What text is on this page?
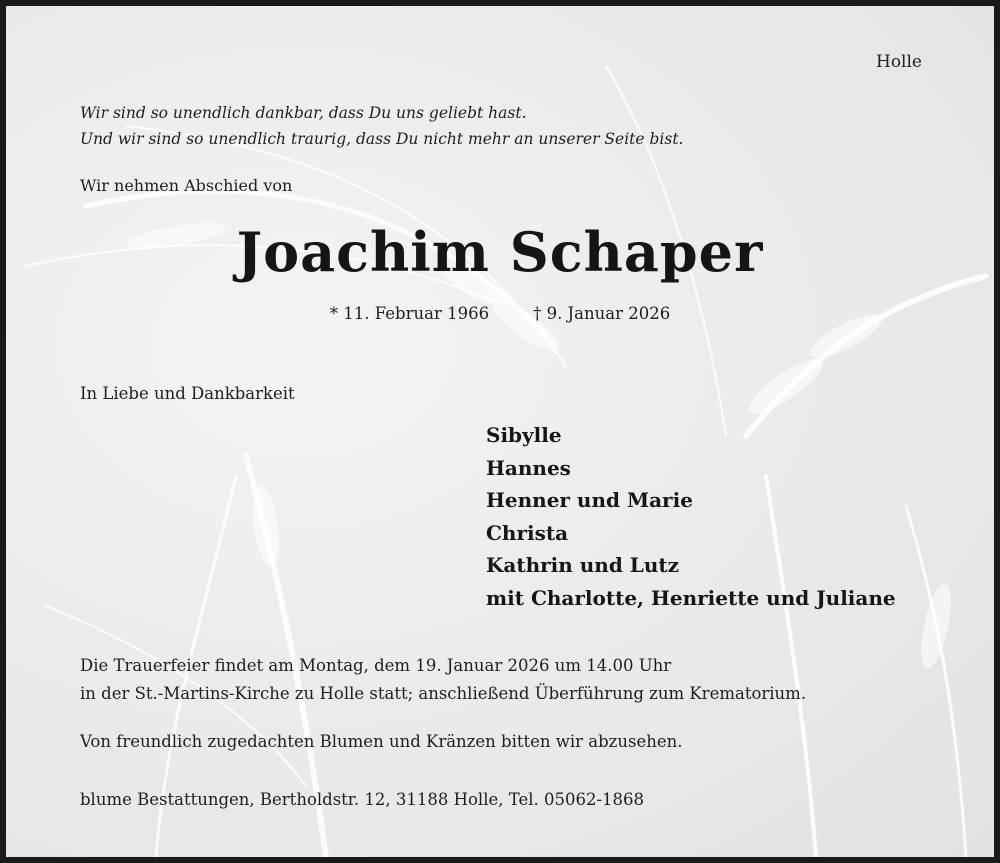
Holle

Wir sind so unendlich dankbar, dass Du uns geliebt hast.
Und wir sind so unendlich traurig, dass Du nicht mehr an unserer Seite bist.

Wir nehmen Abschied von

Joachim Schaper

* 11. Februar 1966	† 9. Januar 2026

In Liebe und Dankbarkeit

Sibylle
Hannes
Henner und Marie
Christa
Kathrin und Lutz
mit Charlotte, Henriette und Juliane
Die Trauerfeier findet am Montag, dem 19. Januar 2026 um 14.00 Uhr
in der St.-Martins-Kirche zu Holle statt; anschließend Überführung zum Krematorium.

Von freundlich zugedachten Blumen und Kränzen bitten wir abzusehen.

blume Bestattungen, Bertholdstr. 12, 31188 Holle, Tel. 05062-1868
